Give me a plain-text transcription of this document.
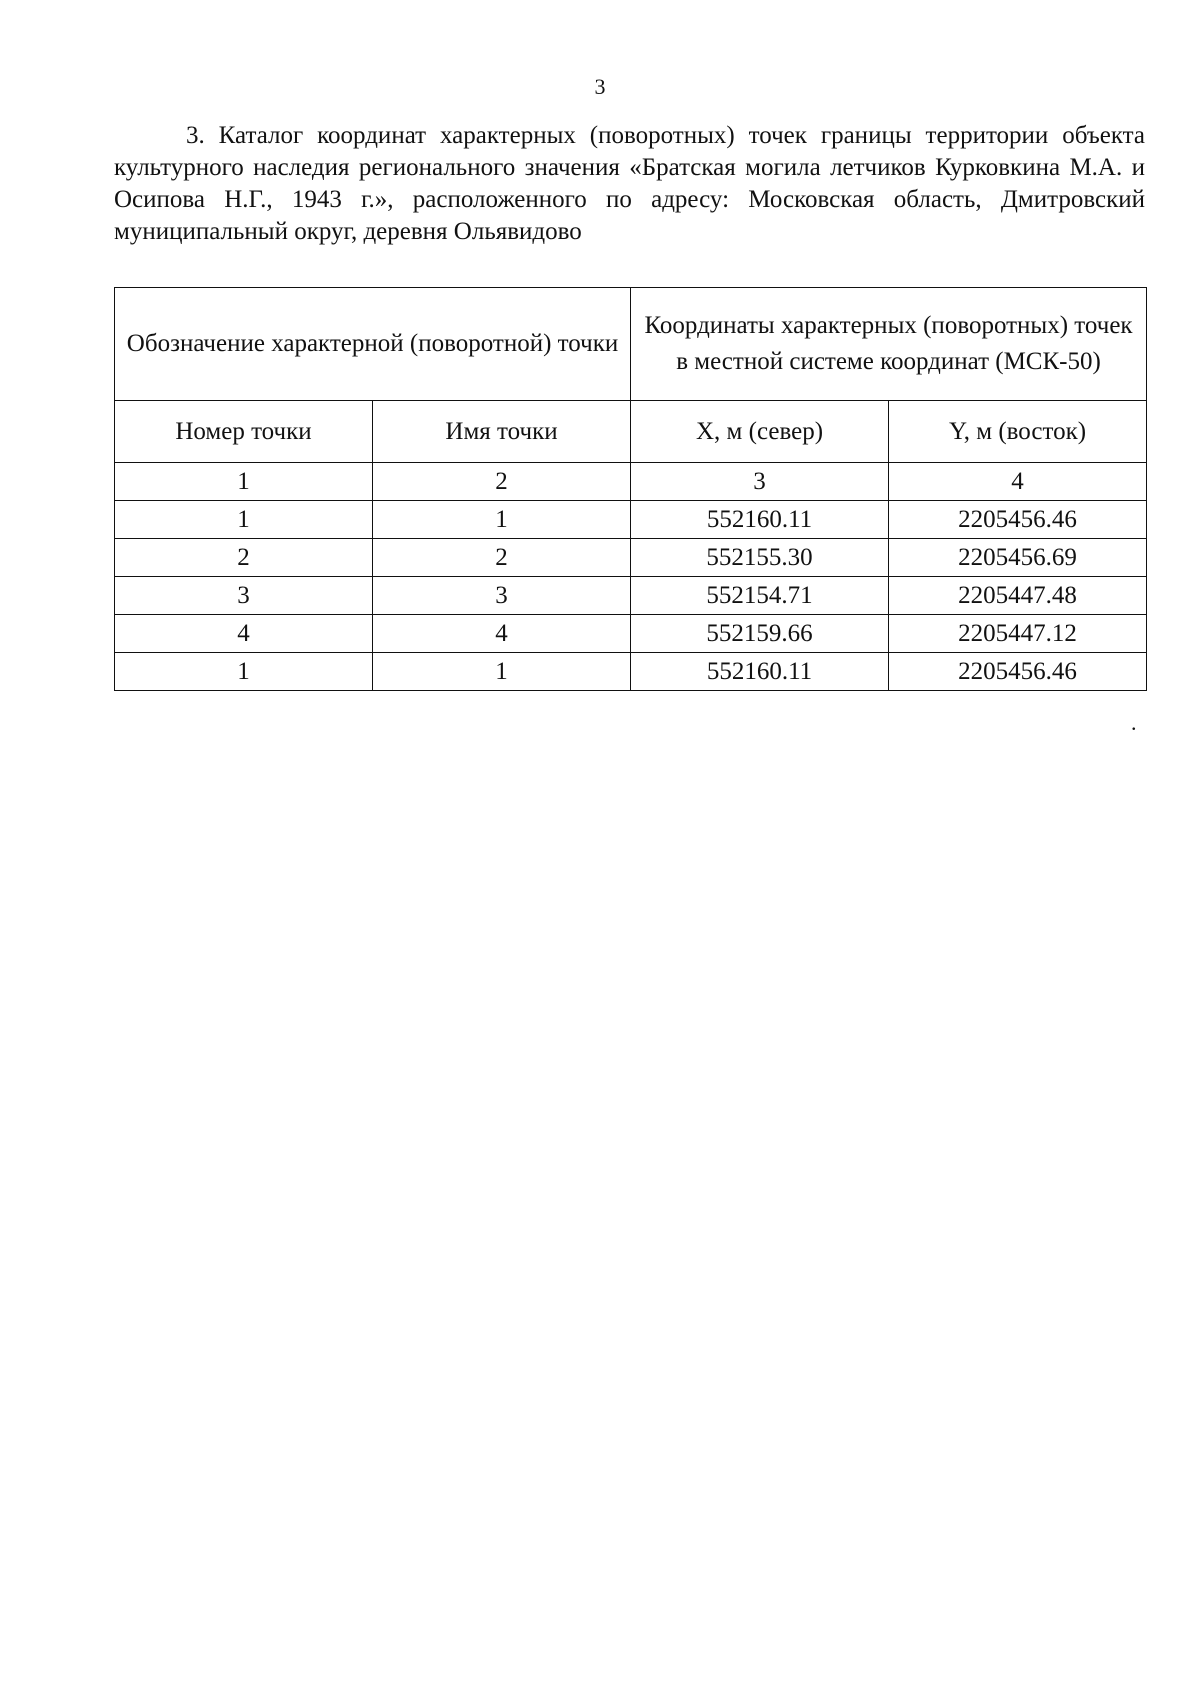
3

3. Каталог координат характерных (поворотных) точек границы территории объекта культурного наследия регионального значения «Братская могила летчиков Курковкина М.А. и Осипова Н.Г., 1943 г.», расположенного по адресу: Московская область, Дмитровский муниципальный округ, деревня Ольявидово

Обозначение характерной (поворотной) точки		Координаты характерных (поворотных) точек в местной системе координат (МСК-50)	
Номер точки	Имя точки	X, м (север)	Y, м (восток)
1	2	3	4
1	1	552160.11	2205456.46
2	2	552155.30	2205456.69
3	3	552154.71	2205447.48
4	4	552159.66	2205447.12
1	1	552160.11	2205456.46
.
